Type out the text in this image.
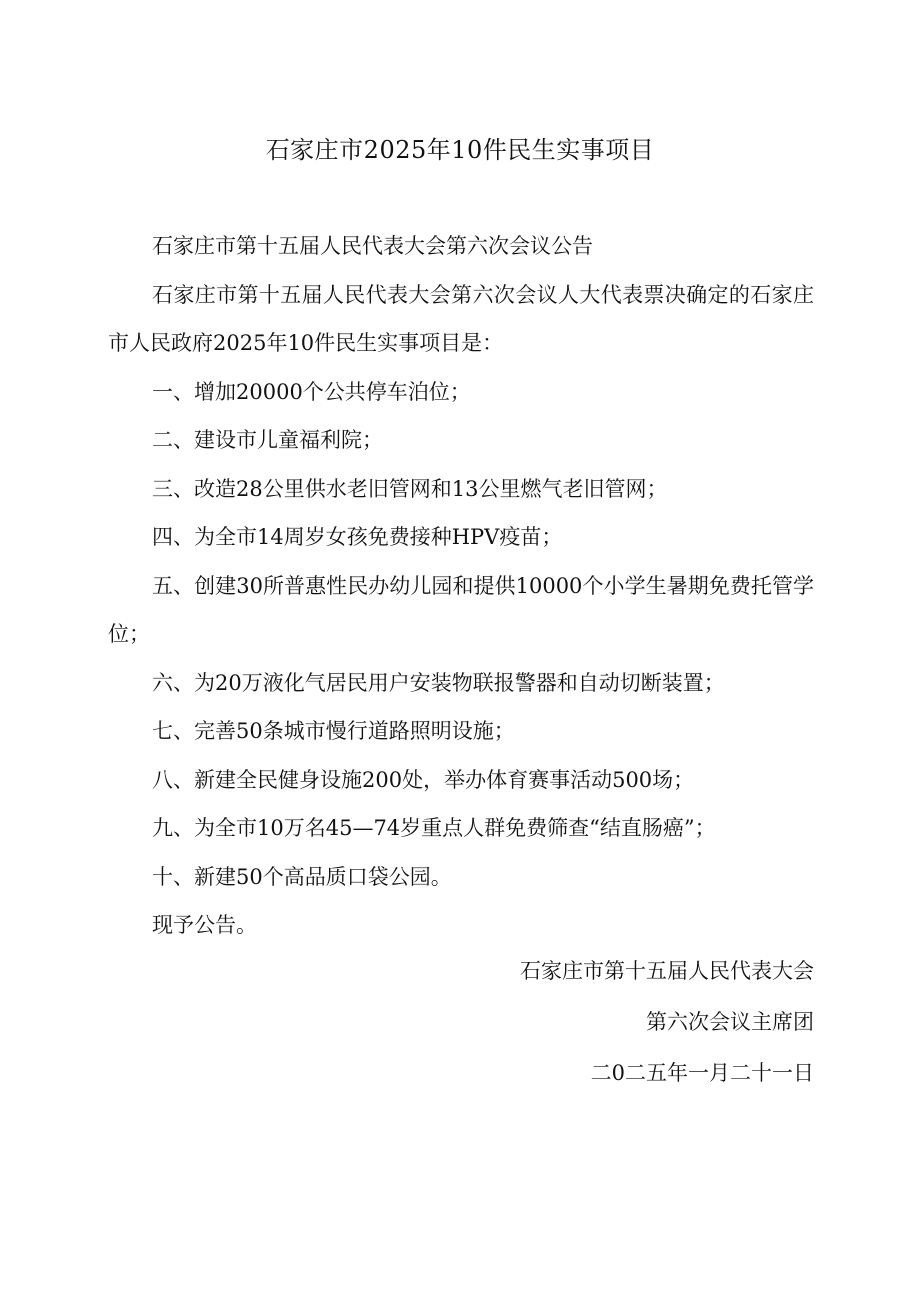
石家庄市2025年10件民生实事项目

石家庄市第十五届人民代表大会第六次会议公告

石家庄市第十五届人民代表大会第六次会议人大代表票决确定的石家庄市人民政府2025年10件民生实事项目是：

一、增加20000个公共停车泊位；

二、建设市儿童福利院；

三、改造28公里供水老旧管网和13公里燃气老旧管网；

四、为全市14周岁女孩免费接种HPV疫苗；

五、创建30所普惠性民办幼儿园和提供10000个小学生暑期免费托管学位；

六、为20万液化气居民用户安装物联报警器和自动切断装置；

七、完善50条城市慢行道路照明设施；

八、新建全民健身设施200处，举办体育赛事活动500场；

九、为全市10万名45—74岁重点人群免费筛查“结直肠癌”；

十、新建50个高品质口袋公园。

现予公告。

石家庄市第十五届人民代表大会
第六次会议主席团
二0二五年一月二十一日
